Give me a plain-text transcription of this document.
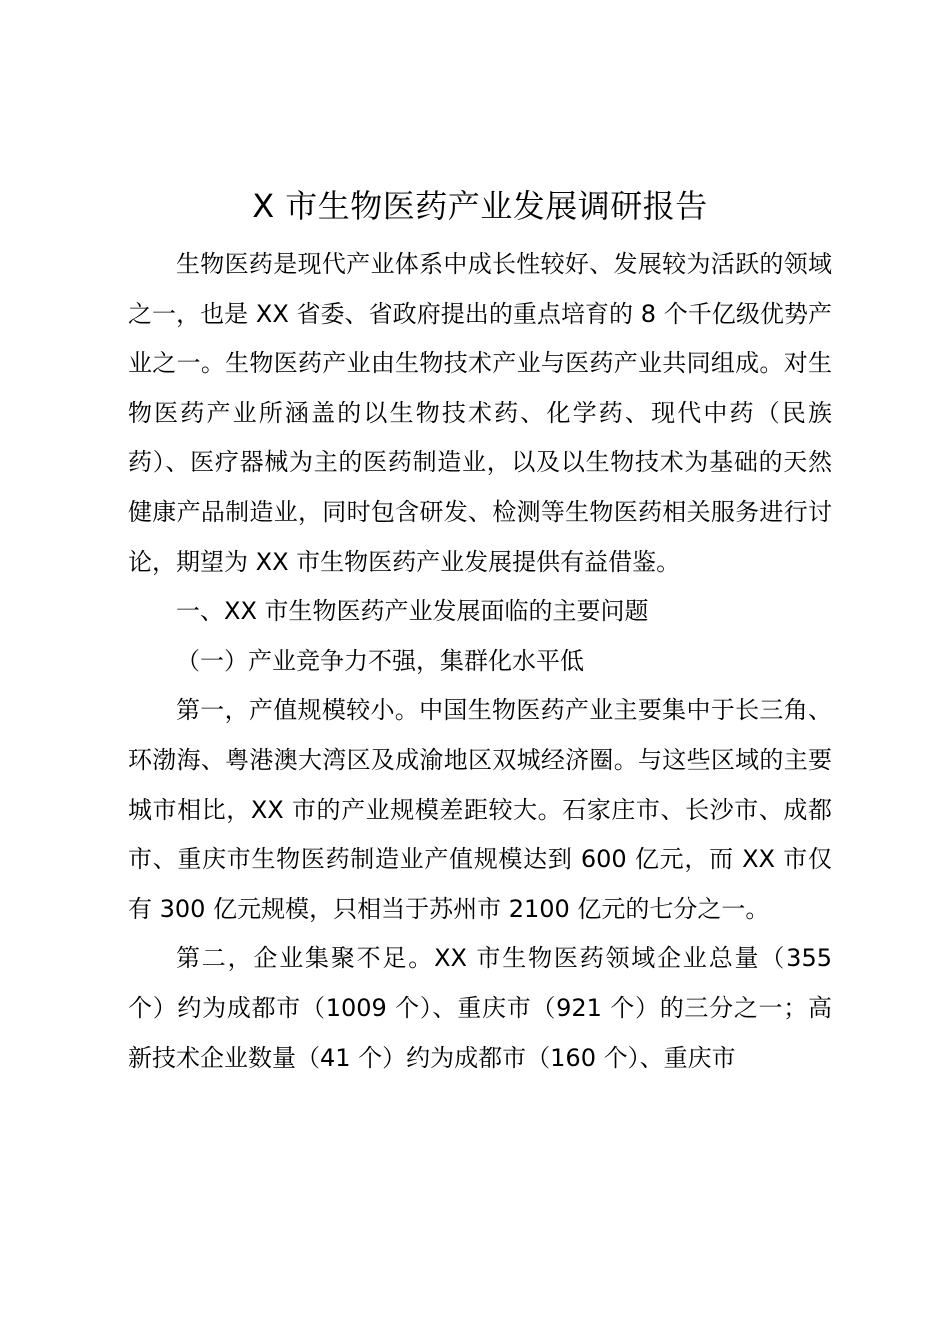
X 市生物医药产业发展调研报告

生物医药是现代产业体系中成长性较好、发展较为活跃的领域之一，也是 XX 省委、省政府提出的重点培育的 8 个千亿级优势产业之一。生物医药产业由生物技术产业与医药产业共同组成。对生物医药产业所涵盖的以生物技术药、化学药、现代中药（民族药）、医疗器械为主的医药制造业，以及以生物技术为基础的天然健康产品制造业，同时包含研发、检测等生物医药相关服务进行讨论，期望为 XX 市生物医药产业发展提供有益借鉴。

一、XX 市生物医药产业发展面临的主要问题

（一）产业竞争力不强，集群化水平低

第一，产值规模较小。中国生物医药产业主要集中于长三角、环渤海、粤港澳大湾区及成渝地区双城经济圈。与这些区域的主要城市相比，XX 市的产业规模差距较大。石家庄市、长沙市、成都市、重庆市生物医药制造业产值规模达到 600 亿元，而 XX 市仅有 300 亿元规模，只相当于苏州市 2100 亿元的七分之一。

第二，企业集聚不足。XX 市生物医药领域企业总量（355 个）约为成都市（1009 个）、重庆市（921 个）的三分之一；高新技术企业数量（41 个）约为成都市（160 个）、重庆市
